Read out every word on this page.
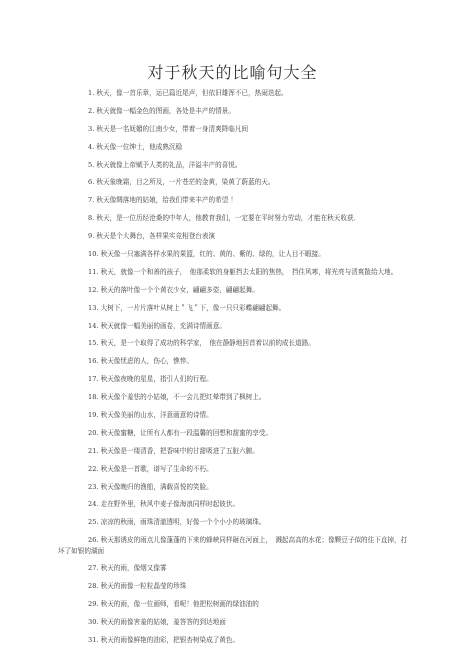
对于秋天的比喻句大全
1. 秋天，像一首乐章，运已篇近尾声，但依旧雄浑不已，热闹迭起。
2. 秋天就像一幅金色的图画，各处是丰产的情景。
3. 秋天是一名妩媚的江南少女，带着一身清爽降临凡间
4. 秋天像一位绅士，他成熟沉稳
5. 秋天就像上帝赋予人类的礼品，洋溢丰产的喜悦。
6. 秋天象晚霜，目之所及，一片苍茫的金黄，染黄了蔚蓝的天。
7. 秋天像绸落地的姑娘，给我们带来丰产的希望 ！
8. 秋天，是一位历经沧桑的中年人，他教育我们，一定要在平时努力劳动，才能在秋天收获．
9. 秋天是个大舞台，各样果实竞相登台表演
10. 秋天像一只塞满各样水果的果篮，红的、黄的、紫的、绿的，让人目不暇接。
11. 秋天，就像一个和善的孩子，　他那柔软的身躯挡去太阳的焦热，　挡住风寒，将光亮与清爽散给大地。
12. 秋天的落叶像一个个黄衣少女，翩翩多姿，翩翩起舞。
13. 大树下，一片片落叶从树上＂飞＂下，像一只只彩蝶翩翩起舞。
14. 秋天就像一幅美丽的画卷，充满诗情画意。
15. 秋天，是一个取得了成功的科学家，　他在静静地回首着以前的成长道路。
16. 秋天像忧虑的人，伤心，憔悴。
17. 秋天像夜晚的星星，指引人们的行程。
18. 秋天像个羞怯的小姑娘，不一会儿把红晕带到了枫树上。
19. 秋天像美丽的山水，洋意画意的诗情。
20. 秋天像蜜糖，让所有人都有一段温馨的回想和甜蜜的享受。
21. 秋天像是一缕清香，把香味中的甘甜吸进了五脏六腑。
22. 秋天像是一首歌，谱写了生命的不朽。
23. 秋天像晚归的渔船，满载喜悦的笑脸。
24. 走在野外里，秋风中麦子像海浪同样时起彼伏。
25. 凉凉的秋雨，雨珠清澈透明，好像一个个小小的玻璃珠。
26. 秋天那诱皮的雨点儿像蓬蓬的下来的蜂峡同样砸在河面上，　溅起高高的水花；像颗豆子似的往下直掉，打坏了如银的湖面
27. 秋天的雨，像烟又像雾
28. 秋天的雨像一粒粒晶莹的珍珠
29. 秋天的雨，像一位画师，看呢！他把松树画的绿油油的
30. 秋天的雨像害羞的姑娘，羞答答的到达地面
31. 秋天的雨像鲜艳的油彩，把银杏树染成了黄色。
